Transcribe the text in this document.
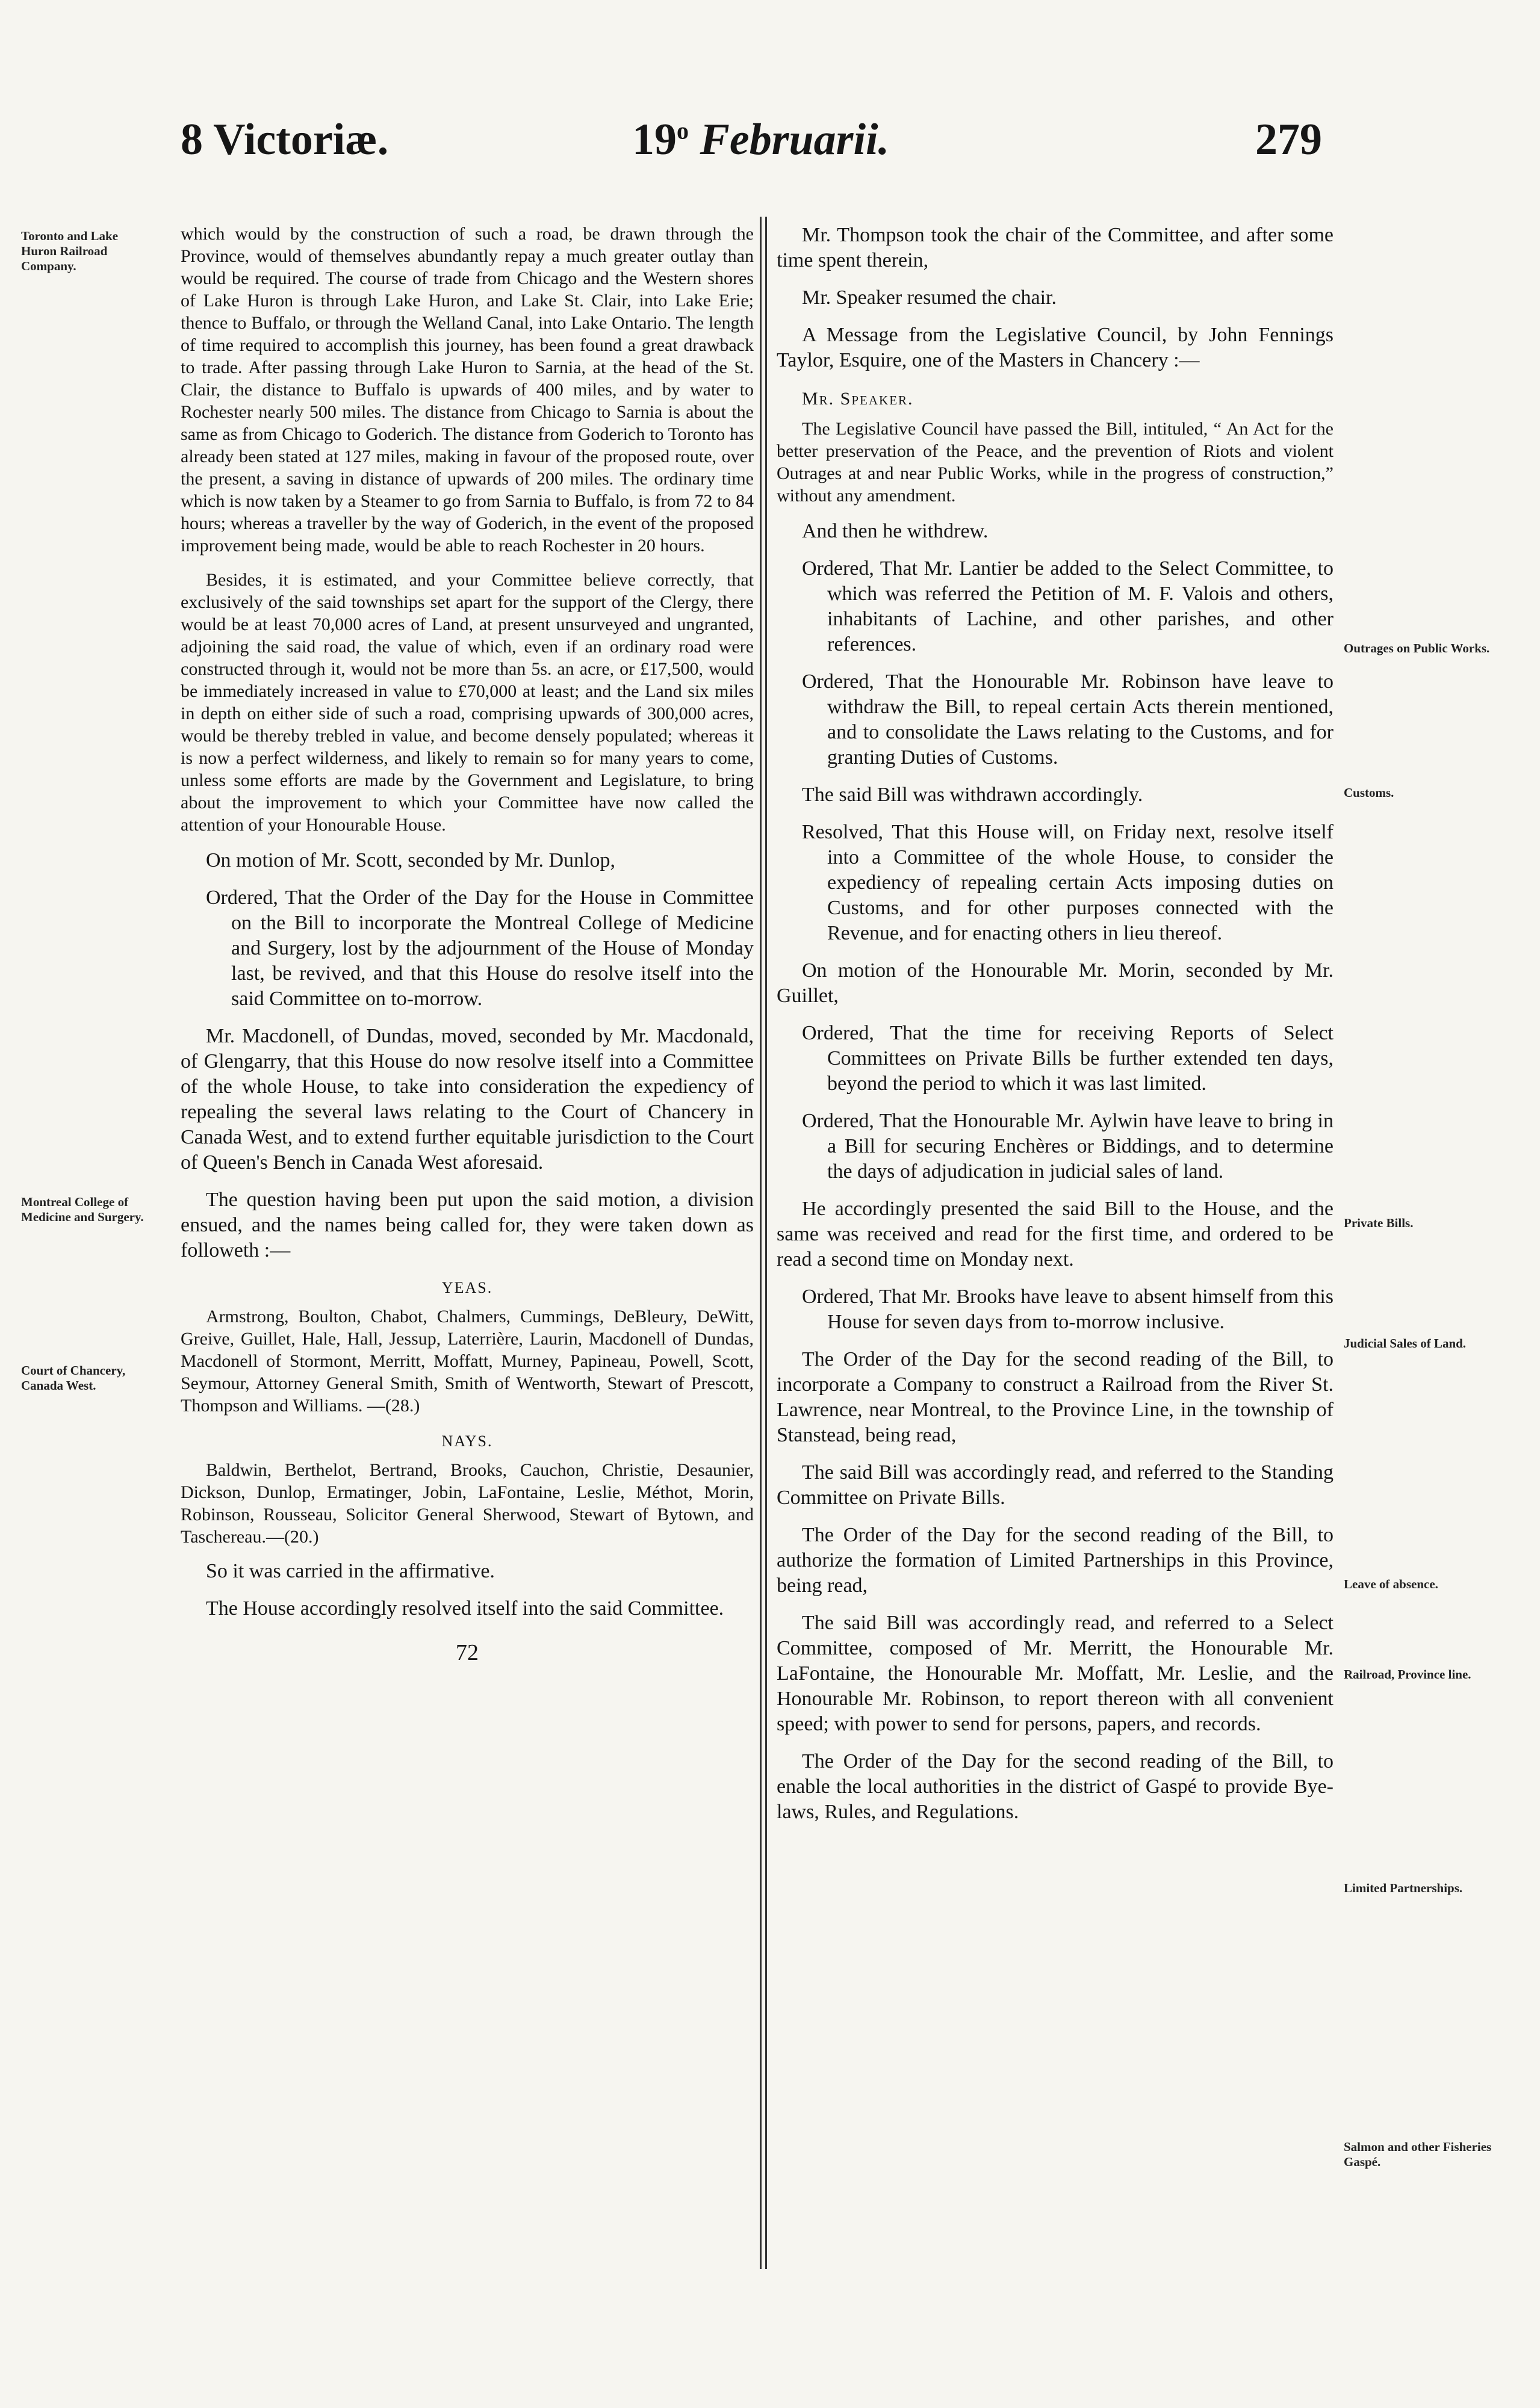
8 Victoriæ.	19$^o$ Februarii.	279
Toronto and Lake Huron Railroad Company.
Montreal College of Medicine and Surgery.
Court of Chancery, Canada West.
Outrages on Public Works.
Customs.
Private Bills.
Judicial Sales of Land.
Leave of absence.
Railroad, Province line.
Limited Partnerships.
Salmon and other Fisheries Gaspé.

which would by the construction of such a road, be drawn through the Province, would of themselves abundantly repay a much greater outlay than would be required. The course of trade from Chicago and the Western shores of Lake Huron is through Lake Huron, and Lake St. Clair, into Lake Erie; thence to Buffalo, or through the Welland Canal, into Lake Ontario. The length of time required to accomplish this journey, has been found a great drawback to trade. After passing through Lake Huron to Sarnia, at the head of the St. Clair, the distance to Buffalo is upwards of 400 miles, and by water to Rochester nearly 500 miles. The distance from Chicago to Sarnia is about the same as from Chicago to Goderich. The distance from Goderich to Toronto has already been stated at 127 miles, making in favour of the proposed route, over the present, a saving in distance of upwards of 200 miles. The ordinary time which is now taken by a Steamer to go from Sarnia to Buffalo, is from 72 to 84 hours; whereas a traveller by the way of Goderich, in the event of the proposed improvement being made, would be able to reach Rochester in 20 hours.

Besides, it is estimated, and your Committee believe correctly, that exclusively of the said townships set apart for the support of the Clergy, there would be at least 70,000 acres of Land, at present unsurveyed and ungranted, adjoining the said road, the value of which, even if an ordinary road were constructed through it, would not be more than 5s. an acre, or £17,500, would be immediately increased in value to £70,000 at least; and the Land six miles in depth on either side of such a road, comprising upwards of 300,000 acres, would be thereby trebled in value, and become densely populated; whereas it is now a perfect wilderness, and likely to remain so for many years to come, unless some efforts are made by the Government and Legislature, to bring about the improvement to which your Committee have now called the attention of your Honourable House.

On motion of Mr. Scott, seconded by Mr. Dunlop,

Ordered, That the Order of the Day for the House in Committee on the Bill to incorporate the Montreal College of Medicine and Surgery, lost by the adjournment of the House of Monday last, be revived, and that this House do resolve itself into the said Committee on to-morrow.

Mr. Macdonell, of Dundas, moved, seconded by Mr. Macdonald, of Glengarry, that this House do now resolve itself into a Committee of the whole House, to take into consideration the expediency of repealing the several laws relating to the Court of Chancery in Canada West, and to extend further equitable jurisdiction to the Court of Queen's Bench in Canada West aforesaid.

The question having been put upon the said motion, a division ensued, and the names being called for, they were taken down as followeth :—

YEAS.

Armstrong, Boulton, Chabot, Chalmers, Cummings, DeBleury, DeWitt, Greive, Guillet, Hale, Hall, Jessup, Laterrière, Laurin, Macdonell of Dundas, Macdonell of Stormont, Merritt, Moffatt, Murney, Papineau, Powell, Scott, Seymour, Attorney General Smith, Smith of Wentworth, Stewart of Prescott, Thompson and Williams. —(28.)

NAYS.

Baldwin, Berthelot, Bertrand, Brooks, Cauchon, Christie, Desaunier, Dickson, Dunlop, Ermatinger, Jobin, LaFontaine, Leslie, Méthot, Morin, Robinson, Rousseau, Solicitor General Sherwood, Stewart of Bytown, and Taschereau.—(20.)

So it was carried in the affirmative.

The House accordingly resolved itself into the said Committee.

72

Mr. Thompson took the chair of the Committee, and after some time spent therein,

Mr. Speaker resumed the chair.

A Message from the Legislative Council, by John Fennings Taylor, Esquire, one of the Masters in Chancery :—

Mr. Speaker.

The Legislative Council have passed the Bill, intituled, “ An Act for the better preservation of the Peace, and the prevention of Riots and violent Outrages at and near Public Works, while in the progress of construction,” without any amendment.

And then he withdrew.

Ordered, That Mr. Lantier be added to the Select Committee, to which was referred the Petition of M. F. Valois and others, inhabitants of Lachine, and other parishes, and other references.

Ordered, That the Honourable Mr. Robinson have leave to withdraw the Bill, to repeal certain Acts therein mentioned, and to consolidate the Laws relating to the Customs, and for granting Duties of Customs.

The said Bill was withdrawn accordingly.

Resolved, That this House will, on Friday next, resolve itself into a Committee of the whole House, to consider the expediency of repealing certain Acts imposing duties on Customs, and for other purposes connected with the Revenue, and for enacting others in lieu thereof.

On motion of the Honourable Mr. Morin, seconded by Mr. Guillet,

Ordered, That the time for receiving Reports of Select Committees on Private Bills be further extended ten days, beyond the period to which it was last limited.

Ordered, That the Honourable Mr. Aylwin have leave to bring in a Bill for securing Enchères or Biddings, and to determine the days of adjudication in judicial sales of land.

He accordingly presented the said Bill to the House, and the same was received and read for the first time, and ordered to be read a second time on Monday next.

Ordered, That Mr. Brooks have leave to absent himself from this House for seven days from to-morrow inclusive.

The Order of the Day for the second reading of the Bill, to incorporate a Company to construct a Railroad from the River St. Lawrence, near Montreal, to the Province Line, in the township of Stanstead, being read,

The said Bill was accordingly read, and referred to the Standing Committee on Private Bills.

The Order of the Day for the second reading of the Bill, to authorize the formation of Limited Partnerships in this Province, being read,

The said Bill was accordingly read, and referred to a Select Committee, composed of Mr. Merritt, the Honourable Mr. LaFontaine, the Honourable Mr. Moffatt, Mr. Leslie, and the Honourable Mr. Robinson, to report thereon with all convenient speed; with power to send for persons, papers, and records.

The Order of the Day for the second reading of the Bill, to enable the local authorities in the district of Gaspé to provide Bye-laws, Rules, and Regulations.
